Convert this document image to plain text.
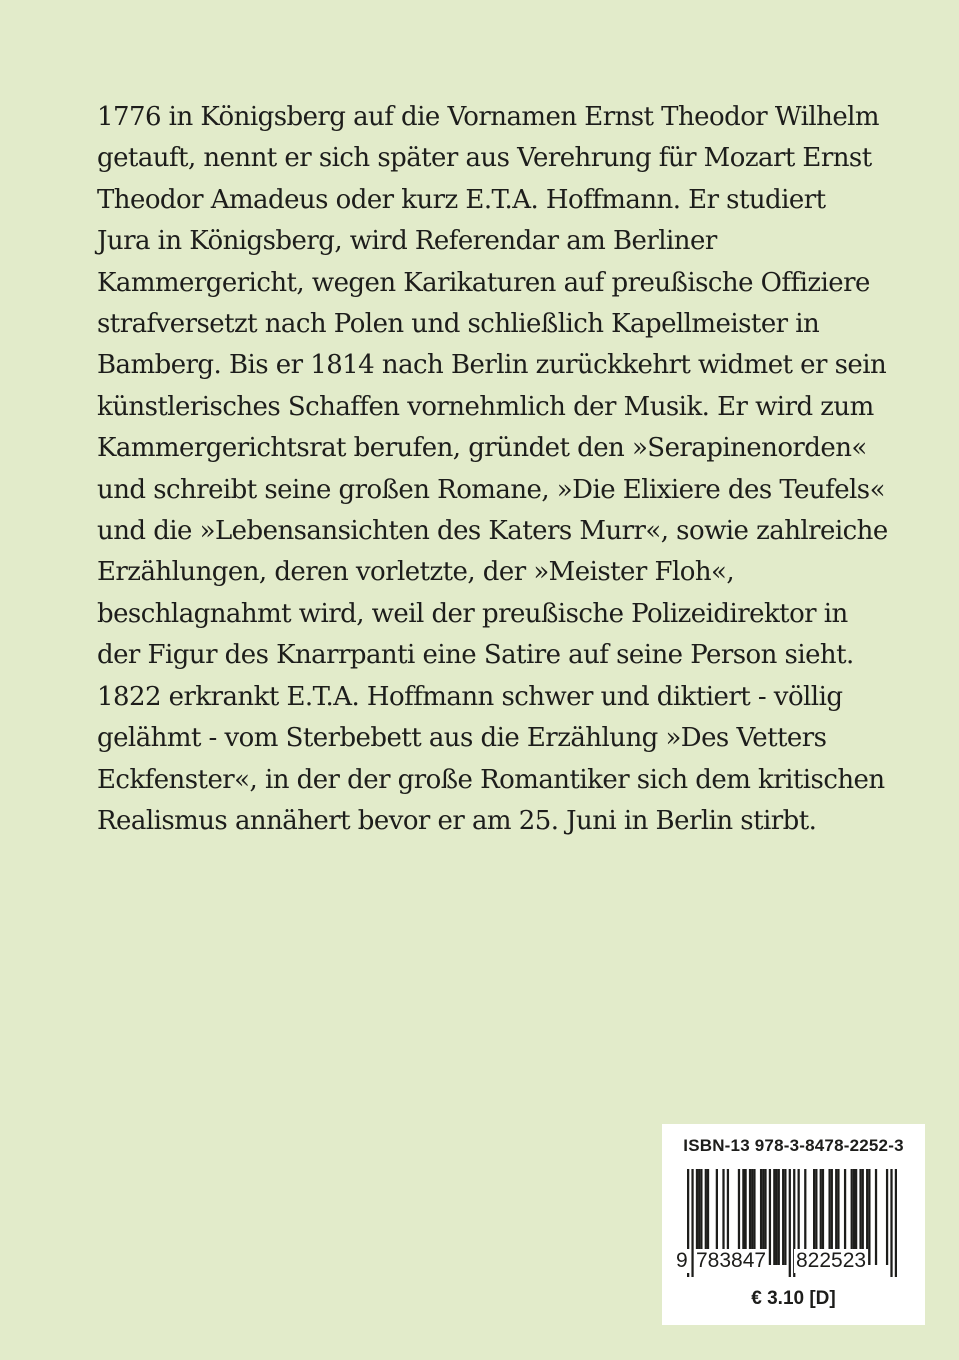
1776 in Königsberg auf die Vornamen Ernst Theodor Wilhelm
getauft, nennt er sich später aus Verehrung für Mozart Ernst
Theodor Amadeus oder kurz E.T.A. Hoffmann. Er studiert
Jura in Königsberg, wird Referendar am Berliner
Kammergericht, wegen Karikaturen auf preußische Offiziere
strafversetzt nach Polen und schließlich Kapellmeister in
Bamberg. Bis er 1814 nach Berlin zurückkehrt widmet er sein
künstlerisches Schaffen vornehmlich der Musik. Er wird zum
Kammergerichtsrat berufen, gründet den »Serapinenorden«
und schreibt seine großen Romane, »Die Elixiere des Teufels«
und die »Lebensansichten des Katers Murr«, sowie zahlreiche
Erzählungen, deren vorletzte, der »Meister Floh«,
beschlagnahmt wird, weil der preußische Polizeidirektor in
der Figur des Knarrpanti eine Satire auf seine Person sieht.
1822 erkrankt E.T.A. Hoffmann schwer und diktiert - völlig
gelähmt - vom Sterbebett aus die Erzählung »Des Vetters
Eckfenster«, in der der große Romantiker sich dem kritischen
Realismus annähert bevor er am 25. Juni in Berlin stirbt.
ISBN-13 978-3-8478-2252-3
9 783847 822523
€ 3.10 [D]
